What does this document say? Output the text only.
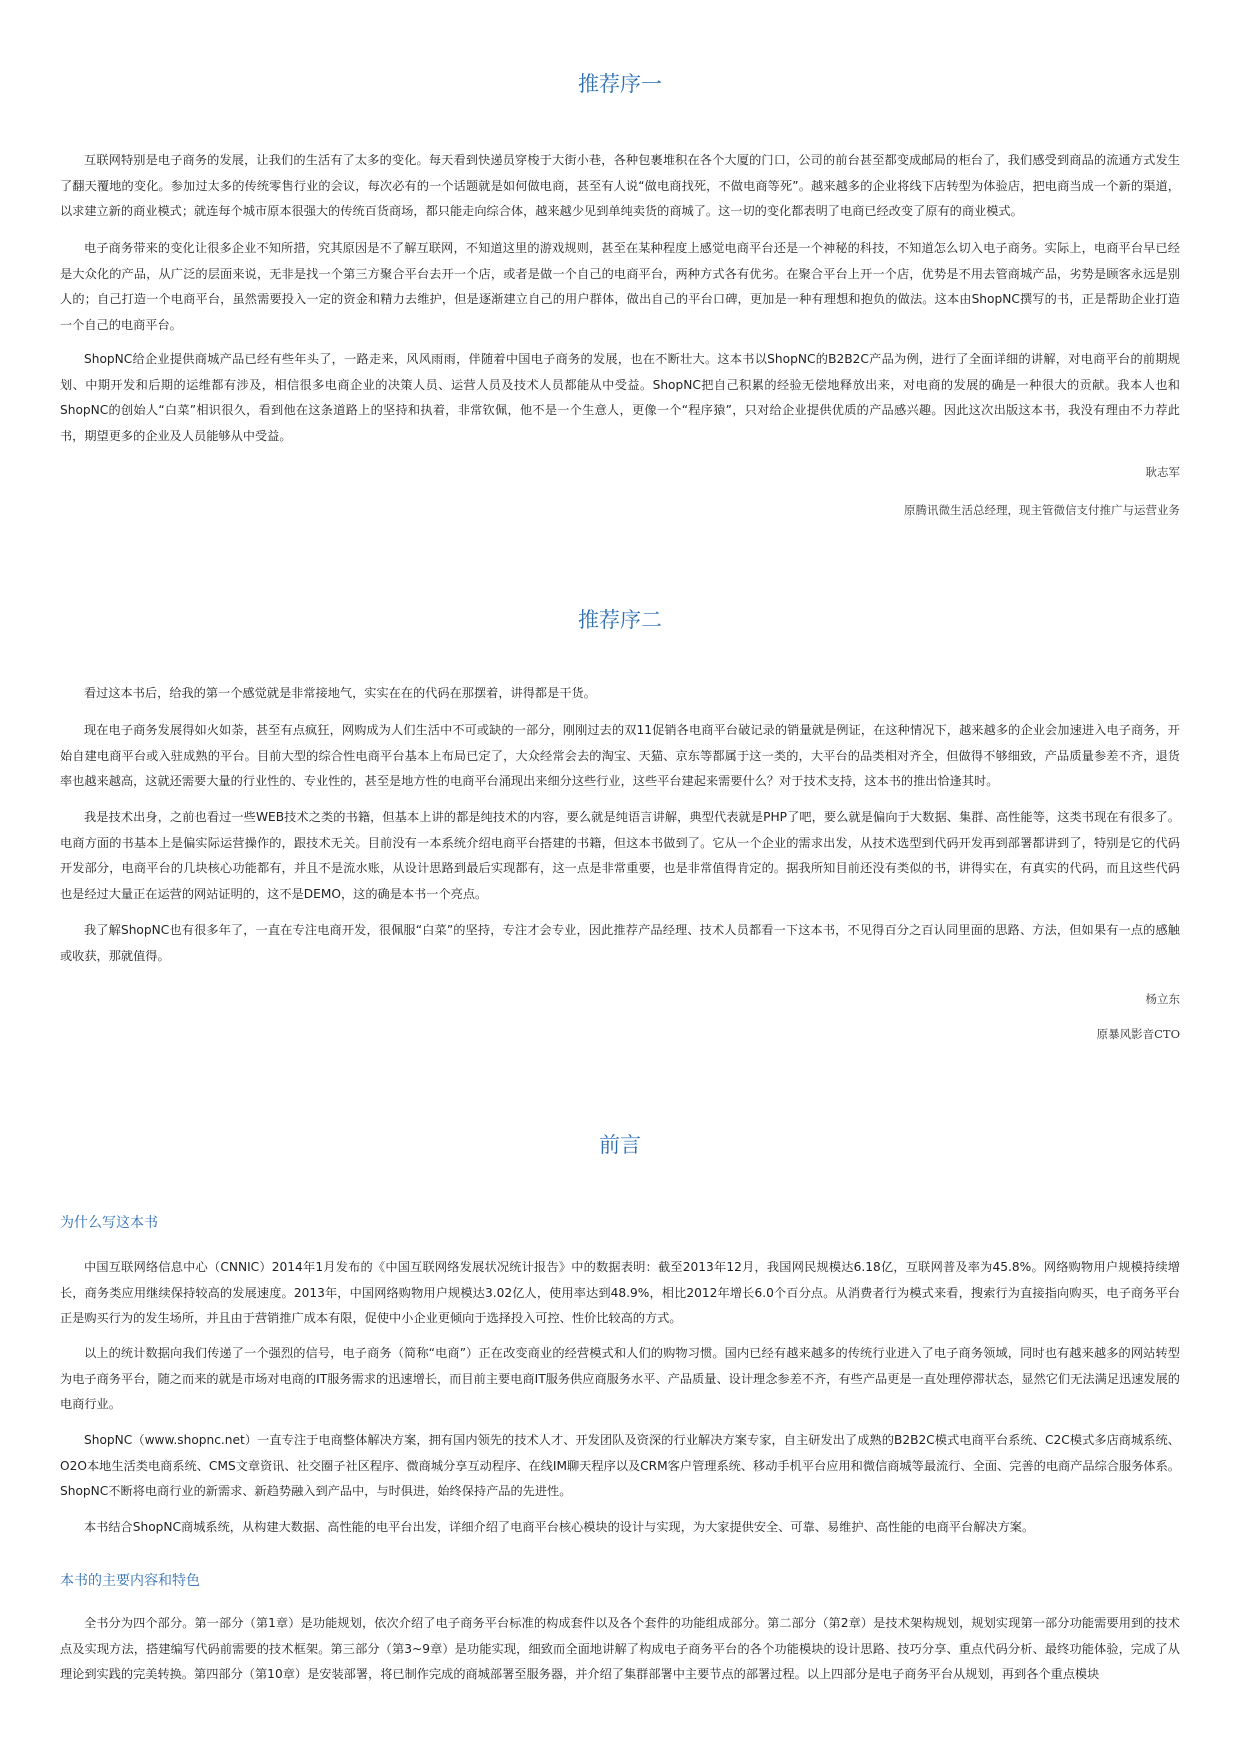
推荐序一

互联网特别是电子商务的发展，让我们的生活有了太多的变化。每天看到快递员穿梭于大街小巷，各种包裹堆积在各个大厦的门口，公司的前台甚至都变成邮局的柜台了，我们感受到商品的流通方式发生了翻天覆地的变化。参加过太多的传统零售行业的会议，每次必有的一个话题就是如何做电商，甚至有人说“做电商找死，不做电商等死”。越来越多的企业将线下店转型为体验店，把电商当成一个新的渠道，以求建立新的商业模式；就连每个城市原本很强大的传统百货商场，都只能走向综合体，越来越少见到单纯卖货的商城了。这一切的变化都表明了电商已经改变了原有的商业模式。

电子商务带来的变化让很多企业不知所措，究其原因是不了解互联网，不知道这里的游戏规则，甚至在某种程度上感觉电商平台还是一个神秘的科技，不知道怎么切入电子商务。实际上，电商平台早已经是大众化的产品，从广泛的层面来说，无非是找一个第三方聚合平台去开一个店，或者是做一个自己的电商平台，两种方式各有优劣。在聚合平台上开一个店，优势是不用去管商城产品，劣势是顾客永远是别人的；自己打造一个电商平台，虽然需要投入一定的资金和精力去维护，但是逐渐建立自己的用户群体，做出自己的平台口碑，更加是一种有理想和抱负的做法。这本由ShopNC撰写的书，正是帮助企业打造一个自己的电商平台。

ShopNC给企业提供商城产品已经有些年头了，一路走来，风风雨雨，伴随着中国电子商务的发展，也在不断壮大。这本书以ShopNC的B2B2C产品为例，进行了全面详细的讲解，对电商平台的前期规划、中期开发和后期的运维都有涉及，相信很多电商企业的决策人员、运营人员及技术人员都能从中受益。ShopNC把自己积累的经验无偿地释放出来，对电商的发展的确是一种很大的贡献。我本人也和ShopNC的创始人“白菜”相识很久，看到他在这条道路上的坚持和执着，非常钦佩，他不是一个生意人，更像一个“程序猿”，只对给企业提供优质的产品感兴趣。因此这次出版这本书，我没有理由不力荐此书，期望更多的企业及人员能够从中受益。

耿志军

原腾讯微生活总经理，现主管微信支付推广与运营业务

推荐序二

看过这本书后，给我的第一个感觉就是非常接地气，实实在在的代码在那摆着，讲得都是干货。

现在电子商务发展得如火如荼，甚至有点疯狂，网购成为人们生活中不可或缺的一部分，刚刚过去的双11促销各电商平台破记录的销量就是例证，在这种情况下，越来越多的企业会加速进入电子商务，开始自建电商平台或入驻成熟的平台。目前大型的综合性电商平台基本上布局已定了，大众经常会去的淘宝、天猫、京东等都属于这一类的，大平台的品类相对齐全，但做得不够细致，产品质量参差不齐，退货率也越来越高，这就还需要大量的行业性的、专业性的，甚至是地方性的电商平台涌现出来细分这些行业，这些平台建起来需要什么？对于技术支持，这本书的推出恰逢其时。

我是技术出身，之前也看过一些WEB技术之类的书籍，但基本上讲的都是纯技术的内容，要么就是纯语言讲解，典型代表就是PHP了吧，要么就是偏向于大数据、集群、高性能等，这类书现在有很多了。电商方面的书基本上是偏实际运营操作的，跟技术无关。目前没有一本系统介绍电商平台搭建的书籍，但这本书做到了。它从一个企业的需求出发，从技术选型到代码开发再到部署都讲到了，特别是它的代码开发部分，电商平台的几块核心功能都有，并且不是流水账，从设计思路到最后实现都有，这一点是非常重要，也是非常值得肯定的。据我所知目前还没有类似的书，讲得实在，有真实的代码，而且这些代码也是经过大量正在运营的网站证明的，这不是DEMO，这的确是本书一个亮点。

我了解ShopNC也有很多年了，一直在专注电商开发，很佩服“白菜”的坚持，专注才会专业，因此推荐产品经理、技术人员都看一下这本书，不见得百分之百认同里面的思路、方法，但如果有一点的感触或收获，那就值得。

杨立东

原暴风影音CTO

前言
为什么写这本书

中国互联网络信息中心（CNNIC）2014年1月发布的《中国互联网络发展状况统计报告》中的数据表明：截至2013年12月，我国网民规模达6.18亿，互联网普及率为45.8%。网络购物用户规模持续增长，商务类应用继续保持较高的发展速度。2013年，中国网络购物用户规模达3.02亿人，使用率达到48.9%，相比2012年增长6.0个百分点。从消费者行为模式来看，搜索行为直接指向购买，电子商务平台正是购买行为的发生场所，并且由于营销推广成本有限，促使中小企业更倾向于选择投入可控、性价比较高的方式。

以上的统计数据向我们传递了一个强烈的信号，电子商务（简称“电商”）正在改变商业的经营模式和人们的购物习惯。国内已经有越来越多的传统行业进入了电子商务领域，同时也有越来越多的网站转型为电子商务平台，随之而来的就是市场对电商的IT服务需求的迅速增长，而目前主要电商IT服务供应商服务水平、产品质量、设计理念参差不齐，有些产品更是一直处理停滞状态，显然它们无法满足迅速发展的电商行业。

ShopNC（www.shopnc.net）一直专注于电商整体解决方案，拥有国内领先的技术人才、开发团队及资深的行业解决方案专家，自主研发出了成熟的B2B2C模式电商平台系统、C2C模式多店商城系统、O2O本地生活类电商系统、CMS文章资讯、社交圈子社区程序、微商城分享互动程序、在线IM聊天程序以及CRM客户管理系统、移动手机平台应用和微信商城等最流行、全面、完善的电商产品综合服务体系。ShopNC不断将电商行业的新需求、新趋势融入到产品中，与时俱进，始终保持产品的先进性。

本书结合ShopNC商城系统，从构建大数据、高性能的电平台出发，详细介绍了电商平台核心模块的设计与实现，为大家提供安全、可靠、易维护、高性能的电商平台解决方案。

本书的主要内容和特色

全书分为四个部分。第一部分（第1章）是功能规划，依次介绍了电子商务平台标准的构成套件以及各个套件的功能组成部分。第二部分（第2章）是技术架构规划，规划实现第一部分功能需要用到的技术点及实现方法，搭建编写代码前需要的技术框架。第三部分（第3~9章）是功能实现，细致而全面地讲解了构成电子商务平台的各个功能模块的设计思路、技巧分享、重点代码分析、最终功能体验，完成了从理论到实践的完美转换。第四部分（第10章）是安装部署，将已制作完成的商城部署至服务器，并介绍了集群部署中主要节点的部署过程。以上四部分是电子商务平台从规划，再到各个重点模块
